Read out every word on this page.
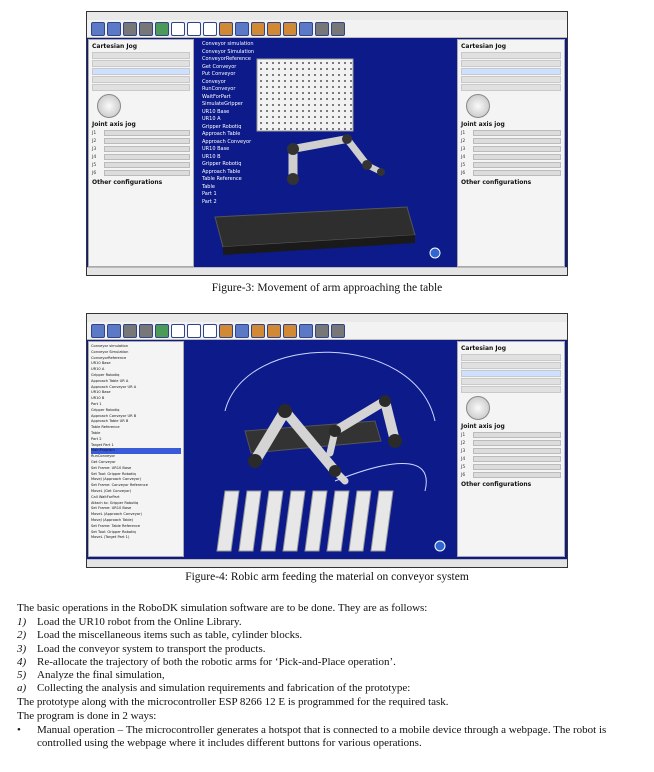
Cartesian Jog
Joint axis jog
J1
J2
J3
J4
J5
J6
Other configurations
Conveyor simulation
Conveyor Simulation
ConveyorReference
Get Conveyor
Put Conveyor
Conveyor
RunConveyor
WaitForPart
SimulateGripper
UR10 Base
UR10 A
Gripper Robotiq
Approach Table
Approach Conveyor
UR10 Base
UR10 B
Gripper Robotiq
Approach Table
Table Reference
Table
Part 1
Part 2
Cartesian Jog
Joint axis jog
J1
J2
J3
J4
J5
J6
Other configurations
Figure-3: Movement of arm approaching the table
Conveyor simulation
Conveyor Simulation
ConveyorReference
UR10 Base
UR10 A
Gripper Robotiq
Approach Table UR A
Approach Conveyor UR A
UR10 Base
UR10 B
Part 1
Gripper Robotiq
Approach Conveyor UR B
Approach Table UR B
Table Reference
Table
Part 2
Target Part 1
MainProgram
RunConveyor
Get Conveyor
Set Frame: UR10 Base
Set Tool: Gripper Robotiq
MoveJ (Approach Conveyor)
Set Frame: Conveyor Reference
MoveL (Get Conveyor)
Call WaitForPart
Attach to: Gripper Robotiq
Set Frame: UR10 Base
MoveL (Approach Conveyor)
MoveJ (Approach Table)
Set Frame: Table Reference
Set Tool: Gripper Robotiq
MoveL (Target Part 1)
Cartesian Jog
Joint axis jog
J1
J2
J3
J4
J5
J6
Other configurations
Figure-4: Robic arm feeding the material on conveyor system
The basic operations in the RoboDK simulation software are to be done. They are as follows:
1) Load the UR10 robot from the Online Library.
2) Load the miscellaneous items such as table, cylinder blocks.
3) Load the conveyor system to transport the products.
4) Re-allocate the trajectory of both the robotic arms for ‘Pick-and-Place operation’.
5) Analyze the final simulation,
a) Collecting the analysis and simulation requirements and fabrication of the prototype:
The prototype along with the microcontroller ESP 8266 12 E is programmed for the required task.
The program is done in 2 ways:
•	Manual operation – The microcontroller generates a hotspot that is connected to a mobile device through a webpage. The robot is controlled using the webpage where it includes different buttons for various operations.
